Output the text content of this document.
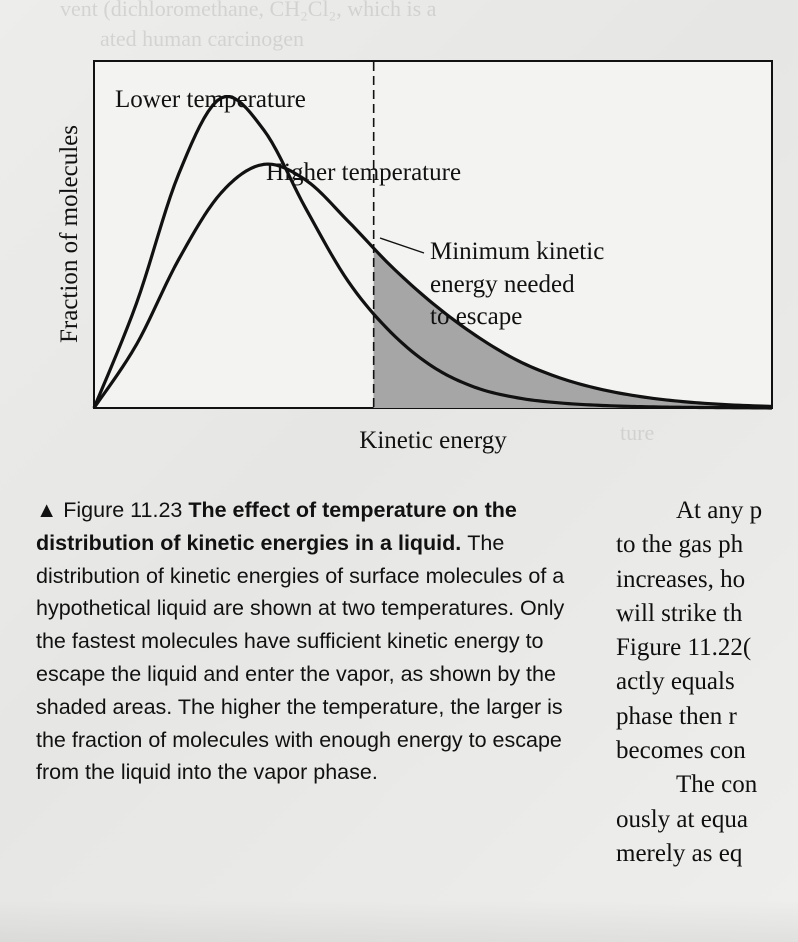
vent (dichloromethane, CH₂Cl₂, which is a
ated human carcinogen
ture
Lower temperature
Higher temperature
Minimum kinetic
energy needed
to escape
Kinetic energy
Fraction of molecules

▲ Figure 11.23 The effect of temperature on the distribution of kinetic energies in a liquid. The distribution of kinetic energies of surface molecules of a hypothetical liquid are shown at two temperatures. Only the fastest molecules have sufficient kinetic energy to escape the liquid and enter the vapor, as shown by the shaded areas. The higher the temperature, the larger is the fraction of molecules with enough energy to escape from the liquid into the vapor phase.

At any p
to the gas ph
increases, ho
will strike th
Figure 11.22(
actly equals
phase then r
becomes con
The con
ously at equa
merely as eq
